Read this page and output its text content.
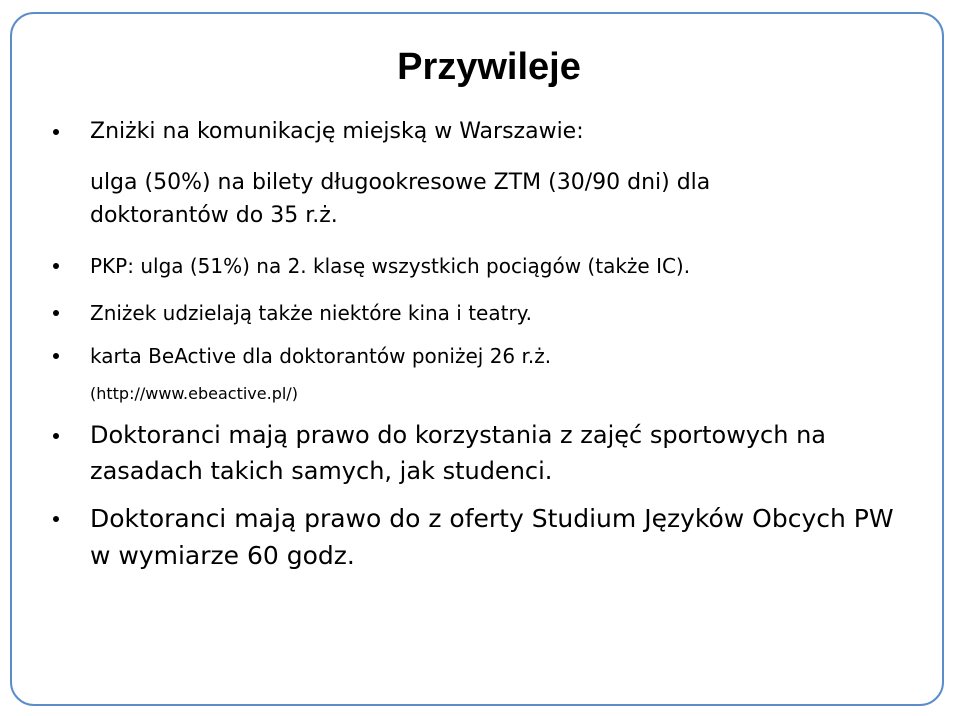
Przywileje
Zniżki na komunikację miejską w Warszawie:
ulga (50%) na bilety długookresowe ZTM (30/90 dni) dla
doktorantów do 35 r.ż.
PKP: ulga (51%) na 2. klasę wszystkich pociągów (także IC).
Zniżek udzielają także niektóre kina i teatry.
karta BeActive dla doktorantów poniżej 26 r.ż.
(http://www.ebeactive.pl/)
Doktoranci mają prawo do korzystania z zajęć sportowych na
zasadach takich samych, jak studenci.
Doktoranci mają prawo do z oferty Studium Języków Obcych PW
w wymiarze 60 godz.
